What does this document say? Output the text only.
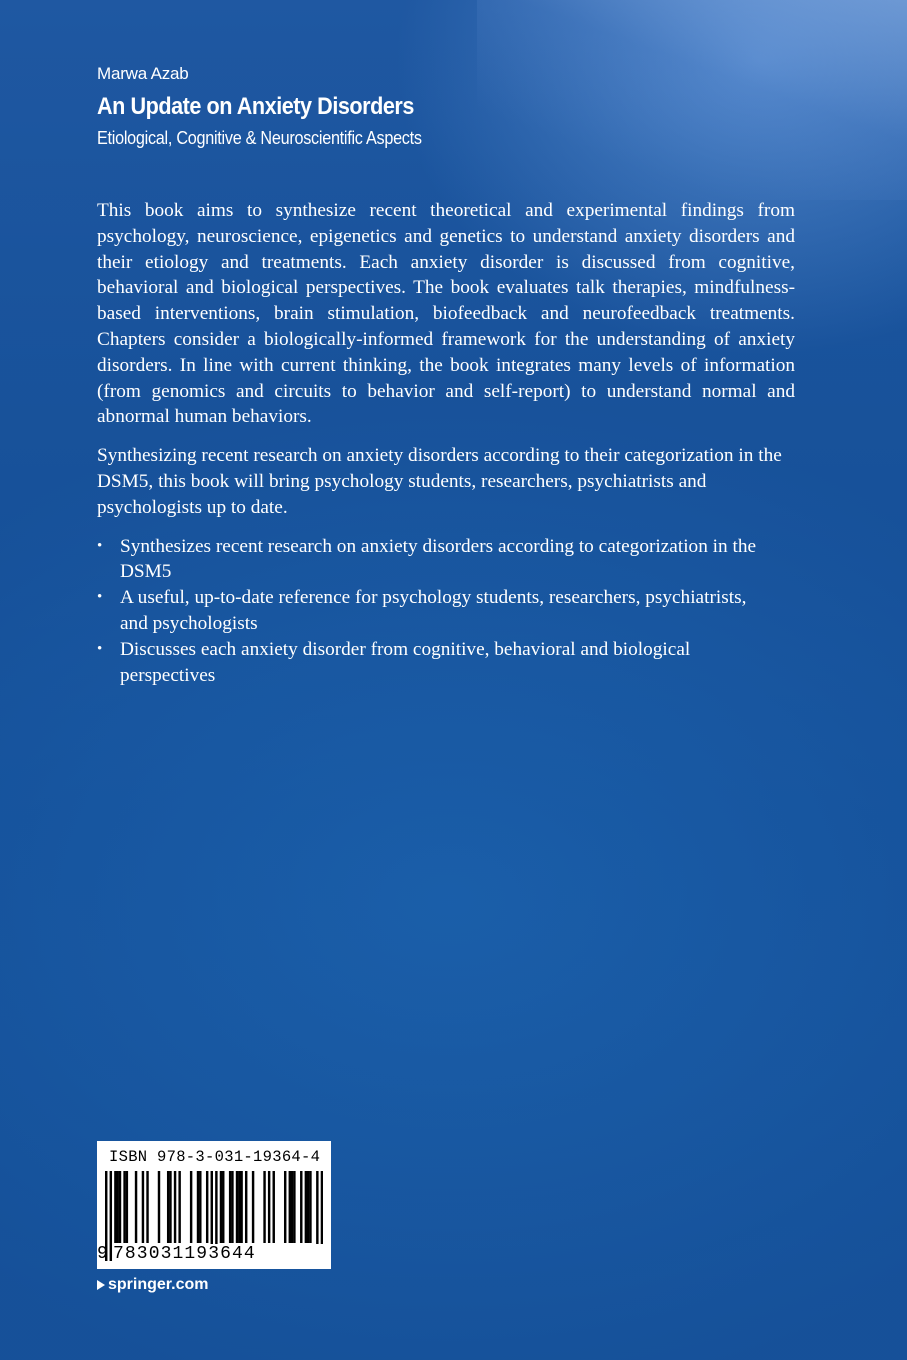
Marwa Azab
An Update on Anxiety Disorders
Etiological, Cognitive & Neuroscientific Aspects

This book aims to synthesize recent theoretical and experimental findings from psychology, neuroscience, epigenetics and genetics to understand anxiety disorders and their etiology and treatments. Each anxiety disorder is discussed from cognitive, behavioral and biological perspectives. The book evaluates talk therapies, mindfulness-based interventions, brain stimulation, biofeedback and neurofeedback treatments. Chapters consider a biologically-informed framework for the understanding of anxiety disorders. In line with current thinking, the book integrates many levels of information (from genomics and circuits to behavior and self-report) to understand normal and abnormal human behaviors.

Synthesizing recent research on anxiety disorders according to their categorization in the DSM5, this book will bring psychology students, researchers, psychiatrists and psychologists up to date.

• Synthesizes recent research on anxiety disorders according to categorization in the DSM5
• A useful, up-to-date reference for psychology students, researchers, psychiatrists, and psychologists
• Discusses each anxiety disorder from cognitive, behavioral and biological perspectives
ISBN 978-3-031-19364-4
9 783031193644
springer.com
